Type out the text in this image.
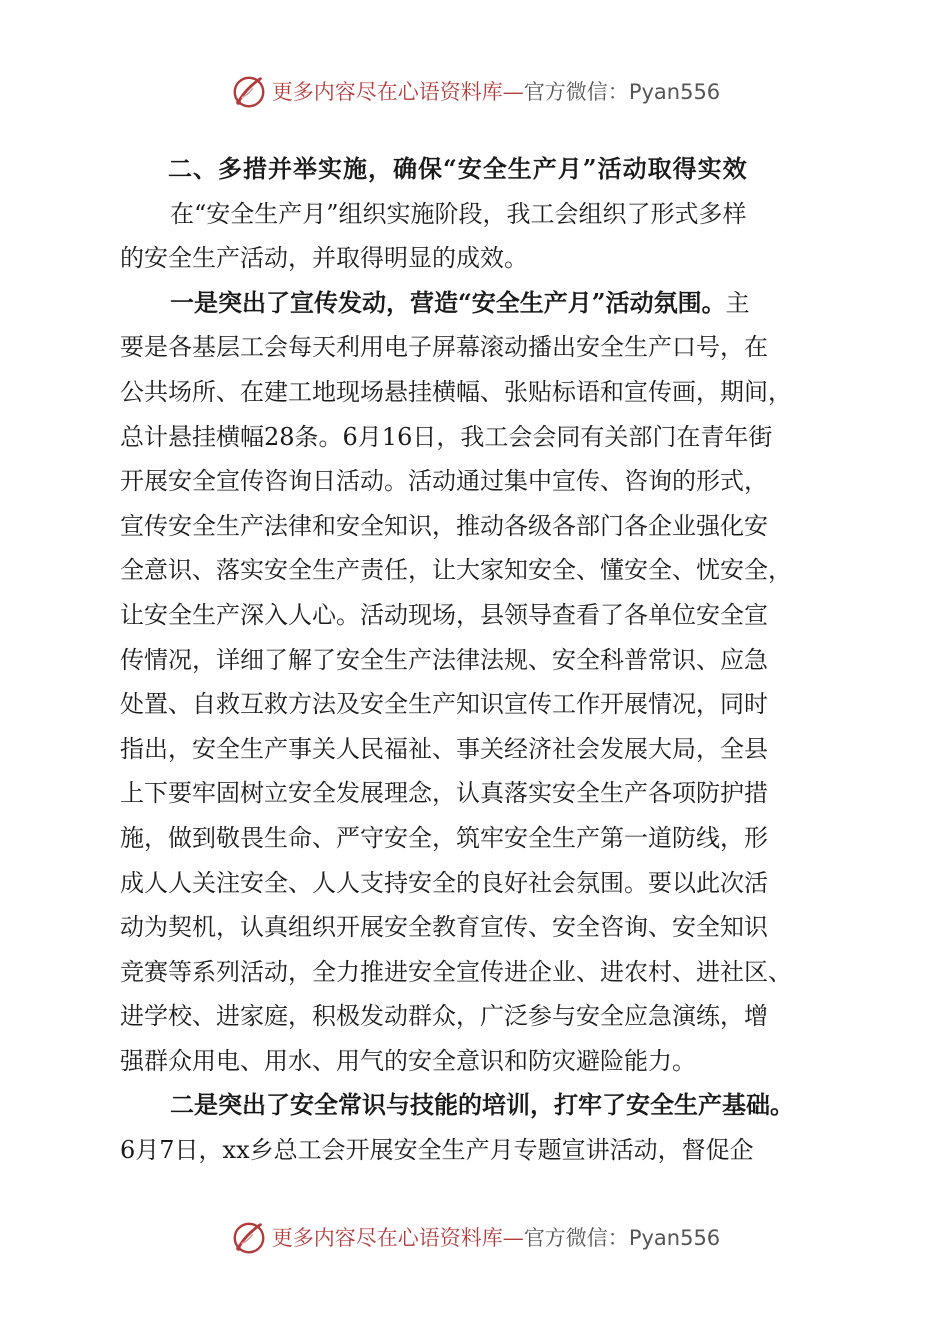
更多内容尽在心语资料库— 官方微信： Pyan556
二、多措并举实施，确保“安全生产月”活动取得实效
在“安全生产月”组织实施阶段，我工会组织了形式多样
的安全生产活动，并取得明显的成效。
一是突出了宣传发动，营造“安全生产月”活动氛围。主
要是各基层工会每天利用电子屏幕滚动播出安全生产口号，在
公共场所、在建工地现场悬挂横幅、张贴标语和宣传画，期间，
总计悬挂横幅28条。6月16日，我工会会同有关部门在青年街
开展安全宣传咨询日活动。活动通过集中宣传、咨询的形式，
宣传安全生产法律和安全知识，推动各级各部门各企业强化安
全意识、落实安全生产责任，让大家知安全、懂安全、忧安全，
让安全生产深入人心。活动现场，县领导查看了各单位安全宣
传情况，详细了解了安全生产法律法规、安全科普常识、应急
处置、自救互救方法及安全生产知识宣传工作开展情况，同时
指出，安全生产事关人民福祉、事关经济社会发展大局，全县
上下要牢固树立安全发展理念，认真落实安全生产各项防护措
施，做到敬畏生命、严守安全，筑牢安全生产第一道防线，形
成人人关注安全、人人支持安全的良好社会氛围。要以此次活
动为契机，认真组织开展安全教育宣传、安全咨询、安全知识
竞赛等系列活动，全力推进安全宣传进企业、进农村、进社区、
进学校、进家庭，积极发动群众，广泛参与安全应急演练，增
强群众用电、用水、用气的安全意识和防灾避险能力。
二是突出了安全常识与技能的培训，打牢了安全生产基础。
6月7日，xx乡总工会开展安全生产月专题宣讲活动，督促企
更多内容尽在心语资料库— 官方微信： Pyan556
